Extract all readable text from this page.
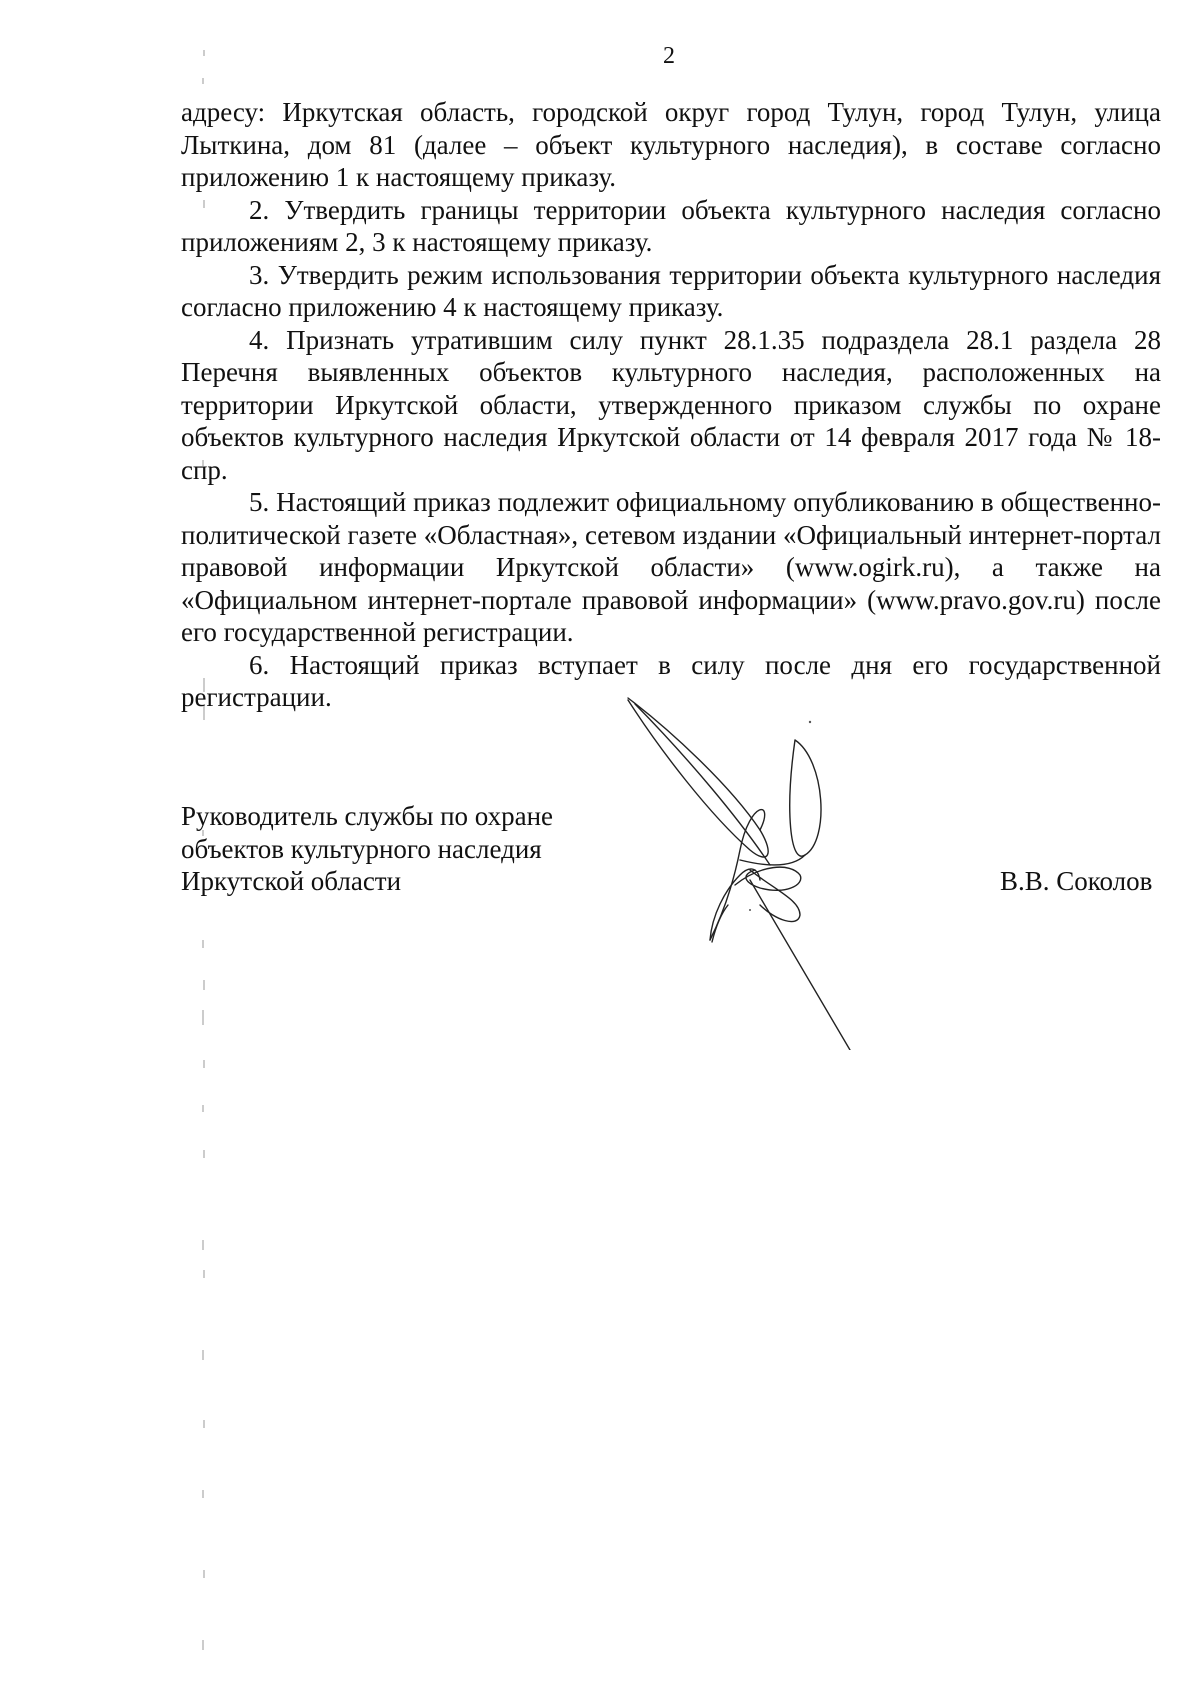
2

адресу: Иркутская область, городской округ город Тулун, город Тулун, улица Лыткина, дом 81 (далее – объект культурного наследия), в составе согласно приложению 1 к настоящему приказу.

2. Утвердить границы территории объекта культурного наследия согласно приложениям 2, 3 к настоящему приказу.

3. Утвердить режим использования территории объекта культурного наследия согласно приложению 4 к настоящему приказу.

4. Признать утратившим силу пункт 28.1.35 подраздела 28.1 раздела 28 Перечня выявленных объектов культурного наследия, расположенных на территории Иркутской области, утвержденного приказом службы по охране объектов культурного наследия Иркутской области от 14 февраля 2017 года № 18-спр.

5. Настоящий приказ подлежит официальному опубликованию в общественно-политической газете «Областная», сетевом издании «Официальный интернет-портал правовой информации Иркутской области» (www.ogirk.ru), а также на «Официальном интернет-портале правовой информации» (www.pravo.gov.ru) после его государственной регистрации.

6. Настоящий приказ вступает в силу после дня его государственной регистрации.

Руководитель службы по охране
объектов культурного наследия
Иркутской области	В.В. Соколов
